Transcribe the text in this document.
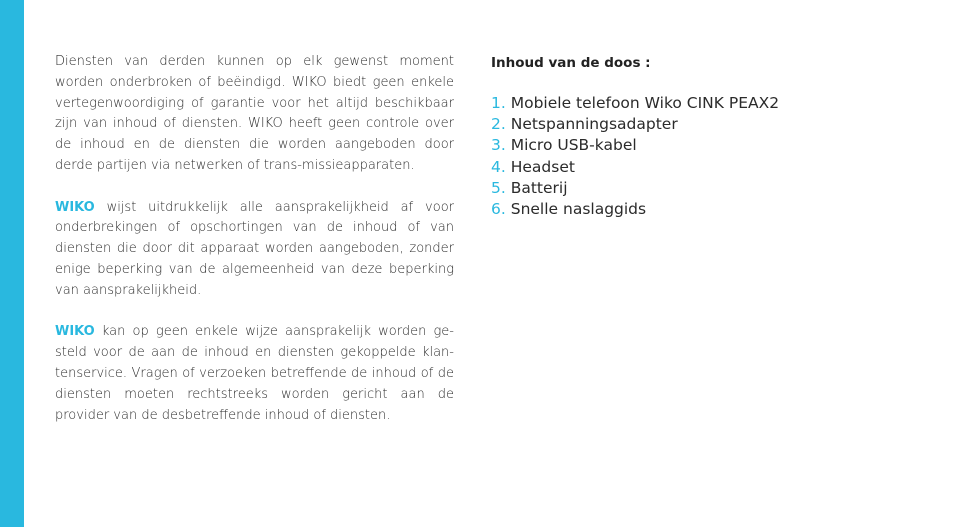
Diensten van derden kunnen op elk gewenst moment worden onderbroken of beëindigd. WIKO biedt geen enkele vertegenwoordiging of garantie voor het altijd beschikbaar zijn van inhoud of diensten. WIKO heeft geen controle over de inhoud en de diensten die worden aangeboden door derde partijen via netwerken of trans-missieapparaten.

WIKO wijst uitdrukkelijk alle aansprakelijkheid af voor onderbrekingen of opschortingen van de inhoud of van diensten die door dit apparaat worden aangeboden, zonder enige beperking van de algemeenheid van deze beperking van aansprakelijkheid.

WIKO kan op geen enkele wijze aansprakelijk worden ge-steld voor de aan de inhoud en diensten gekoppelde klan-tenservice. Vragen of verzoeken betreffende de inhoud of de diensten moeten rechtstreeks worden gericht aan de provider van de desbetreffende inhoud of diensten.

Inhoud van de doos :
1. Mobiele telefoon Wiko CINK PEAX2
2. Netspanningsadapter
3. Micro USB-kabel
4. Headset
5. Batterij
6. Snelle naslaggids
